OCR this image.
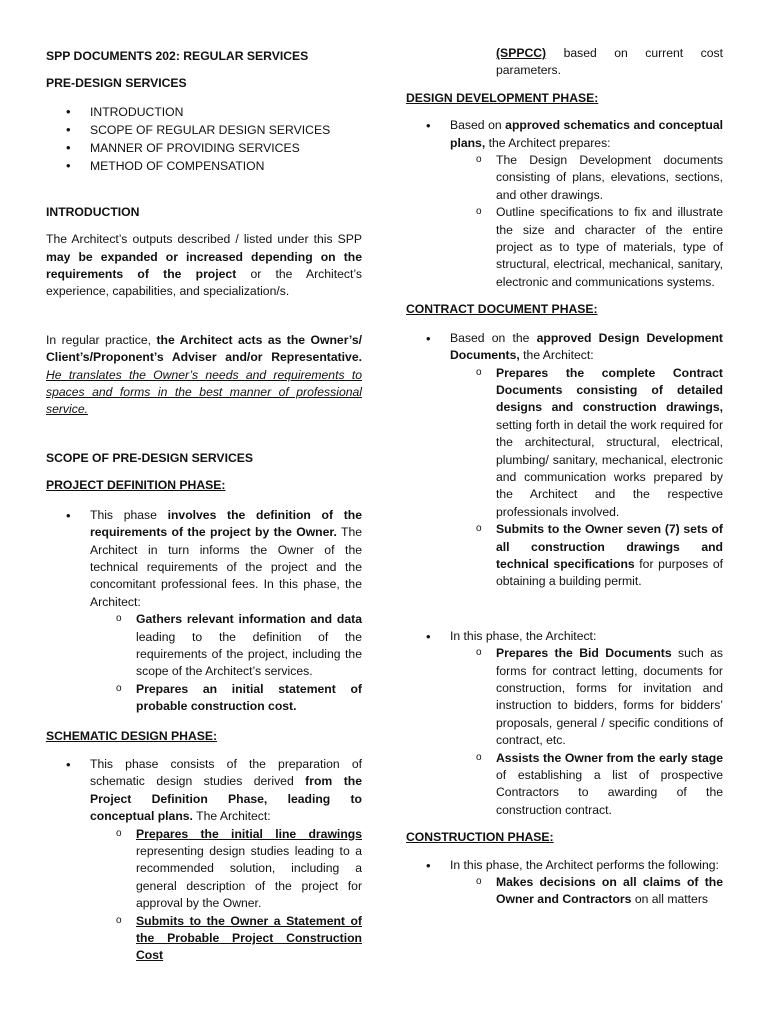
SPP DOCUMENTS 202: REGULAR SERVICES
PRE-DESIGN SERVICES
• INTRODUCTION
• SCOPE OF REGULAR DESIGN SERVICES
• MANNER OF PROVIDING SERVICES
• METHOD OF COMPENSATION
INTRODUCTION

The Architect’s outputs described / listed under this SPP may be expanded or increased depending on the requirements of the project or the Architect’s experience, capabilities, and specialization/s.

In regular practice, the Architect acts as the Owner’s/ Client’s/Proponent’s Adviser and/or Representative. He translates the Owner’s needs and requirements to spaces and forms in the best manner of professional service.

SCOPE OF PRE-DESIGN SERVICES
PROJECT DEFINITION PHASE:
• This phase involves the definition of the requirements of the project by the Owner. The Architect in turn informs the Owner of the technical requirements of the project and the concomitant professional fees. In this phase, the Architect:
o Gathers relevant information and data leading to the definition of the requirements of the project, including the scope of the Architect’s services.
o Prepares an initial statement of probable construction cost.
SCHEMATIC DESIGN PHASE:
• This phase consists of the preparation of schematic design studies derived from the Project Definition Phase, leading to conceptual plans. The Architect:
o Prepares the initial line drawings representing design studies leading to a recommended solution, including a general description of the project for approval by the Owner.
o Submits to the Owner a Statement of the Probable Project Construction Cost

(SPPCC) based on current cost parameters.

DESIGN DEVELOPMENT PHASE:
• Based on approved schematics and conceptual plans, the Architect prepares:
o The Design Development documents consisting of plans, elevations, sections, and other drawings.
o Outline specifications to fix and illustrate the size and character of the entire project as to type of materials, type of structural, electrical, mechanical, sanitary, electronic and communications systems.
CONTRACT DOCUMENT PHASE:
• Based on the approved Design Development Documents, the Architect:
o Prepares the complete Contract Documents consisting of detailed designs and construction drawings, setting forth in detail the work required for the architectural, structural, electrical, plumbing/ sanitary, mechanical, electronic and communication works prepared by the Architect and the respective professionals involved.
o Submits to the Owner seven (7) sets of all construction drawings and technical specifications for purposes of obtaining a building permit.
• In this phase, the Architect:
o Prepares the Bid Documents such as forms for contract letting, documents for construction, forms for invitation and instruction to bidders, forms for bidders’ proposals, general / specific conditions of contract, etc.
o Assists the Owner from the early stage of establishing a list of prospective Contractors to awarding of the construction contract.
CONSTRUCTION PHASE:
• In this phase, the Architect performs the following:
o Makes decisions on all claims of the Owner and Contractors on all matters
